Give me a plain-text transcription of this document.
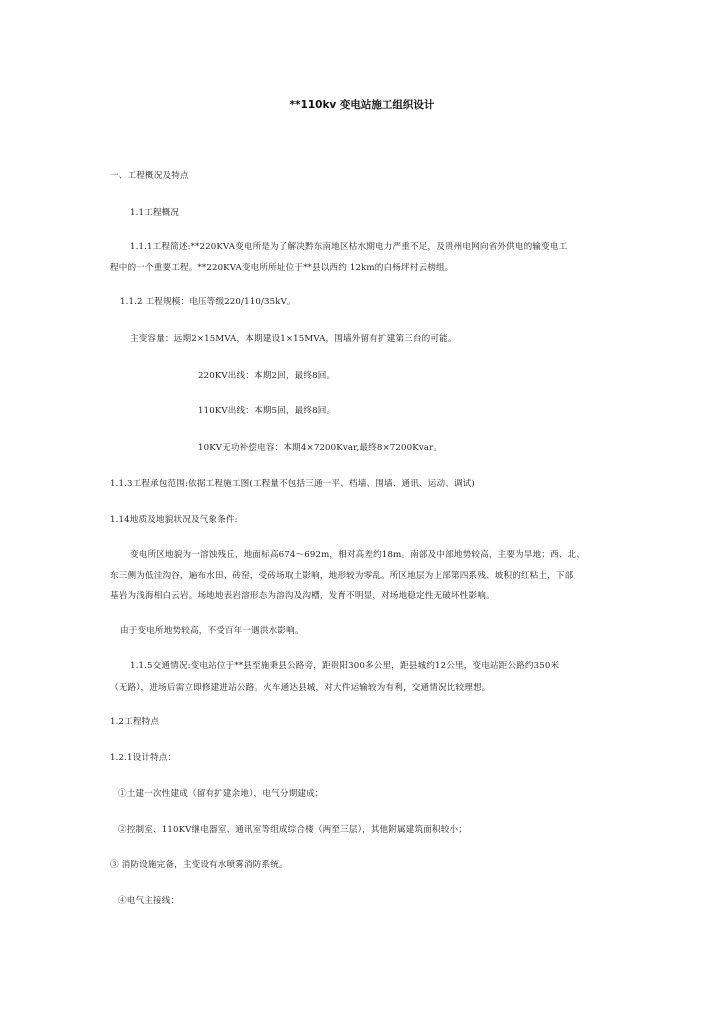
**110kv 变电站施工组织设计
一、工程概况及特点
1.1工程概况
1.1.1工程简述:**220KVA变电所是为了解决黔东南地区枯水期电力严重不足，及贵州电网向省外供电的输变电工
程中的一个重要工程。**220KVA变电所所址位于**县以西约 12km的白杨坪村云榜组。
1.1.2 工程规模：电压等级220/110/35kV。
主变容量：远期2×15MVA，本期建设1×15MVA，围墙外留有扩建第三台的可能。
220KV出线：本期2回，最终8回。
110KV出线：本期5回，最终8回。
10KV无功补偿电容：本期4×7200Kvar,最终8×7200Kvar。
1.1.3工程承包范围:依据工程施工图(工程量不包括三通一平、档墙、围墙、通讯、运动、调试)
1.14地质及地貌状况及气象条件:
变电所区地貌为一溶蚀残丘，地面标高674～692m，相对高差约18m。南部及中部地势较高，主要为旱地；西、北、
东三侧为低洼沟谷，遍布水田、砖窑，受砖场取土影响，地形较为零乱。所区地层为上部第四系残、坡积的红粘土，下部
基岩为浅海相白云岩。场地地表岩溶形态为溶沟及沟槽，发育不明显，对场地稳定性无破坏性影响。
由于变电所地势较高，不受百年一遇洪水影响。
1.1.5交通情况:变电站位于**县至施秉县公路旁，距贵阳300多公里，距县城约12公里，变电站距公路约350米
（无路），进场后需立即修建进站公路。火车通达县城，对大件运输较为有利，交通情况比较理想。
1.2工程特点
1.2.1设计特点：
①土建一次性建成（留有扩建余地），电气分期建成；
②控制室、110KV继电器室、通讯室等组成综合楼（两至三层），其他附属建筑面积较小；
③ 消防设施完备，主变设有水喷雾消防系统。
④电气主接线：
